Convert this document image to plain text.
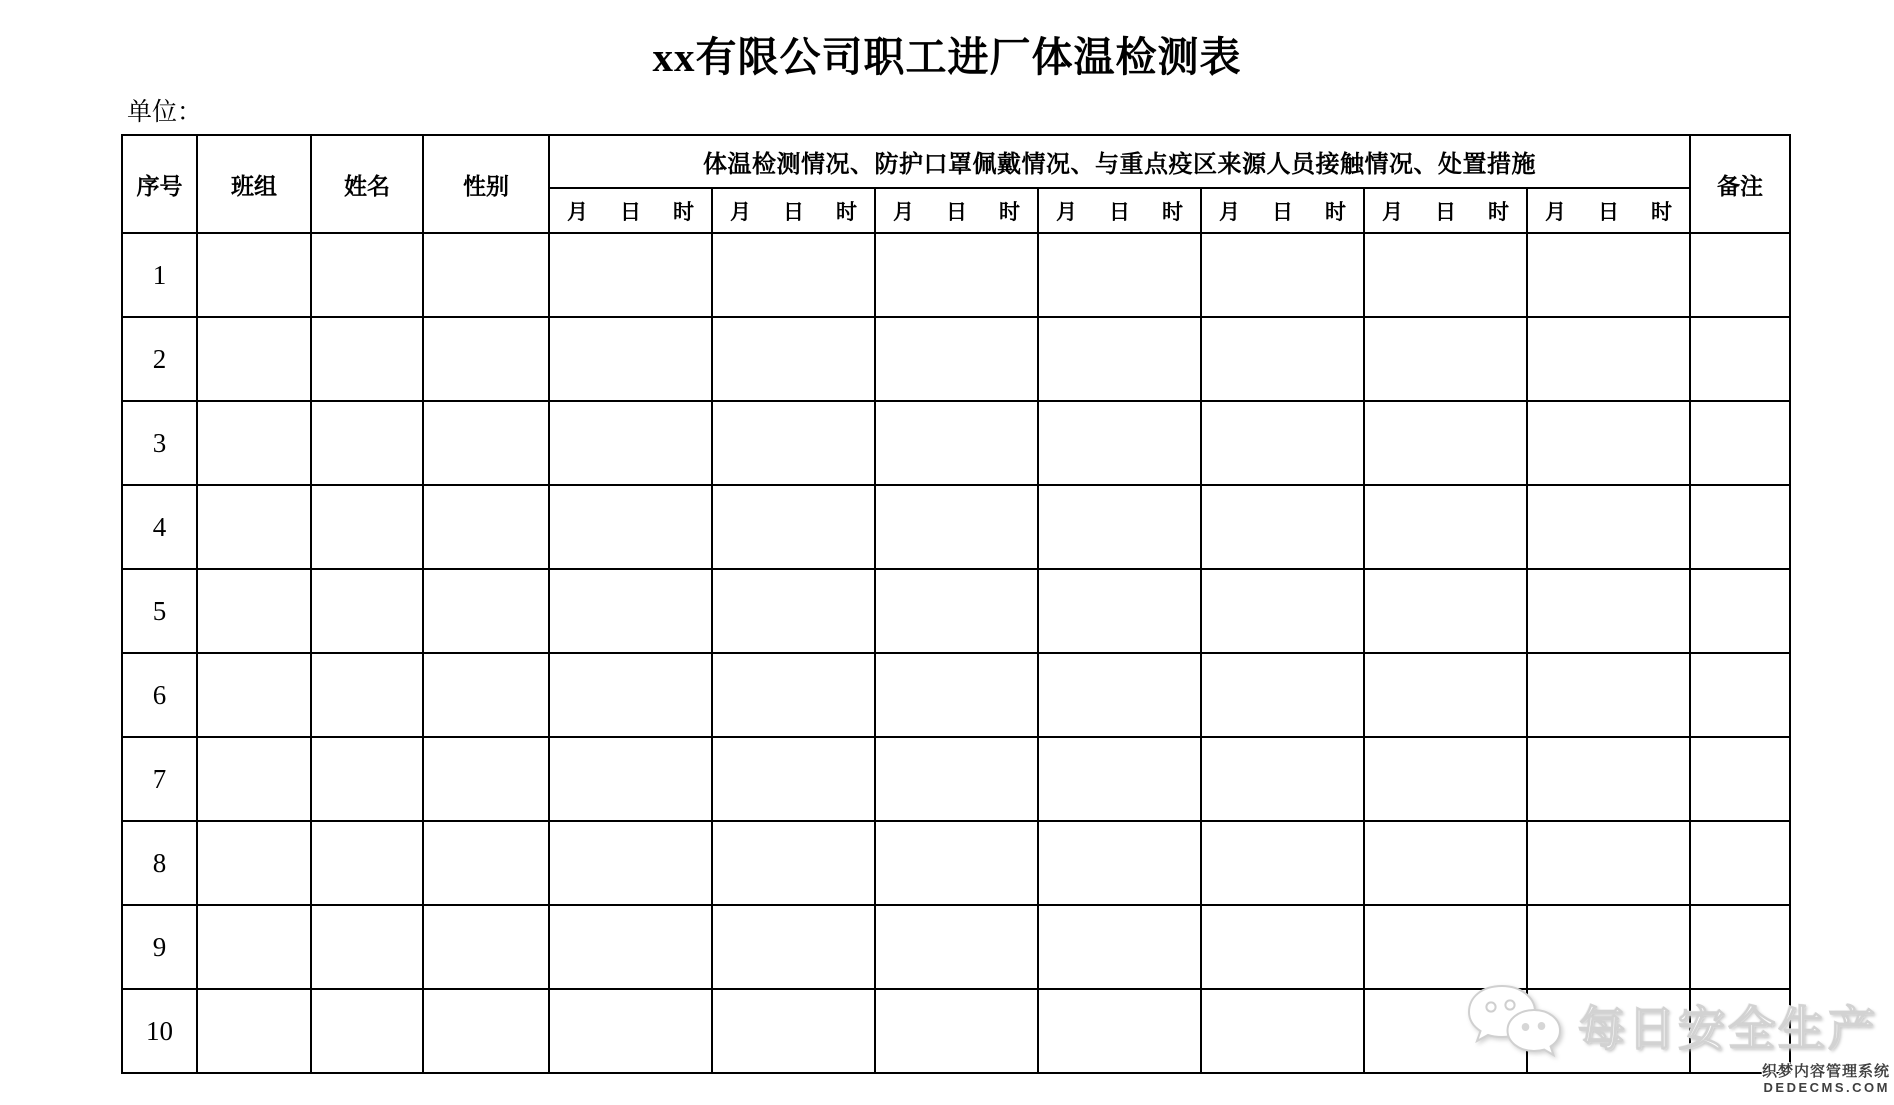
xx有限公司职工进厂体温检测表
单位：
序号	班组	姓名	性别	体温检测情况、防护口罩佩戴情况、与重点疫区来源人员接触情况、处置措施							备注
				月 日 时	月 日 时	月 日 时	月 日 时	月 日 时	月 日 时	月 日 时	
1											
2											
3											
4											
5											
6											
7											
8											
9											
10												每日安全生产
织梦内容管理系统
DEDECMS.COM
